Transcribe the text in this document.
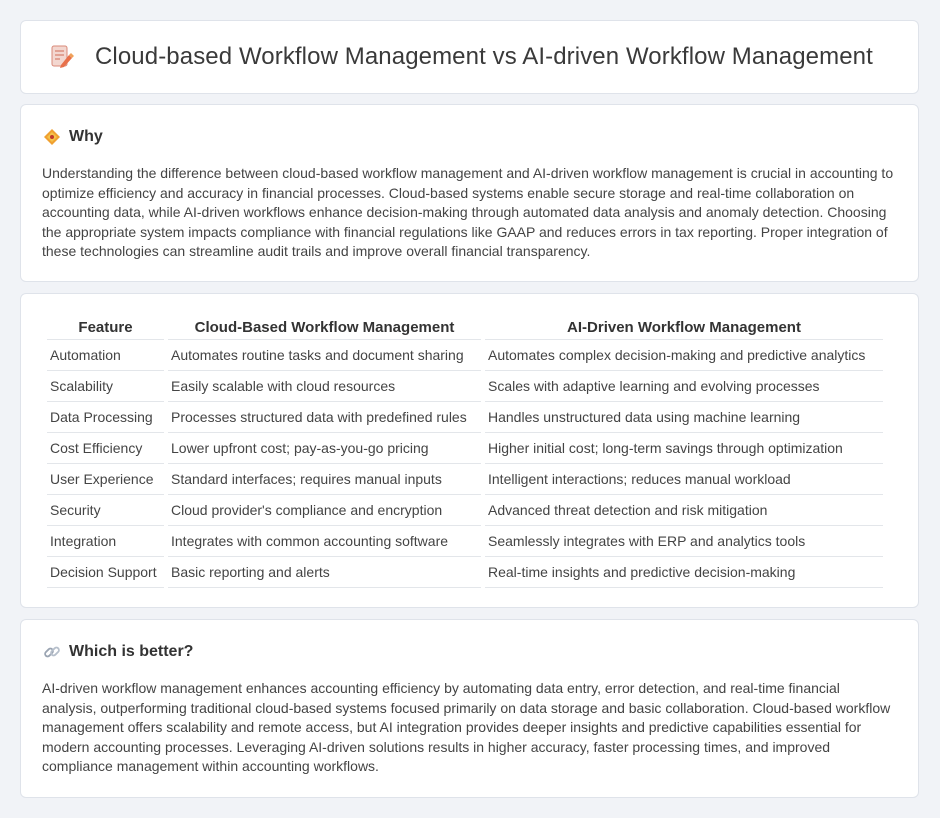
Cloud-based Workflow Management vs AI-driven Workflow Management
Why

Understanding the difference between cloud-based workflow management and AI-driven workflow management is crucial in accounting to optimize efficiency and accuracy in financial processes. Cloud-based systems enable secure storage and real-time collaboration on accounting data, while AI-driven workflows enhance decision-making through automated data analysis and anomaly detection. Choosing the appropriate system impacts compliance with financial regulations like GAAP and reduces errors in tax reporting. Proper integration of these technologies can streamline audit trails and improve overall financial transparency.

Feature	Cloud-Based Workflow Management	AI-Driven Workflow Management
Automation	Automates routine tasks and document sharing	Automates complex decision-making and predictive analytics
Scalability	Easily scalable with cloud resources	Scales with adaptive learning and evolving processes
Data Processing	Processes structured data with predefined rules	Handles unstructured data using machine learning
Cost Efficiency	Lower upfront cost; pay-as-you-go pricing	Higher initial cost; long-term savings through optimization
User Experience	Standard interfaces; requires manual inputs	Intelligent interactions; reduces manual workload
Security	Cloud provider's compliance and encryption	Advanced threat detection and risk mitigation
Integration	Integrates with common accounting software	Seamlessly integrates with ERP and analytics tools
Decision Support	Basic reporting and alerts	Real-time insights and predictive decision-making
Which is better?

AI-driven workflow management enhances accounting efficiency by automating data entry, error detection, and real-time financial analysis, outperforming traditional cloud-based systems focused primarily on data storage and basic collaboration. Cloud-based workflow management offers scalability and remote access, but AI integration provides deeper insights and predictive capabilities essential for modern accounting processes. Leveraging AI-driven solutions results in higher accuracy, faster processing times, and improved compliance management within accounting workflows.
